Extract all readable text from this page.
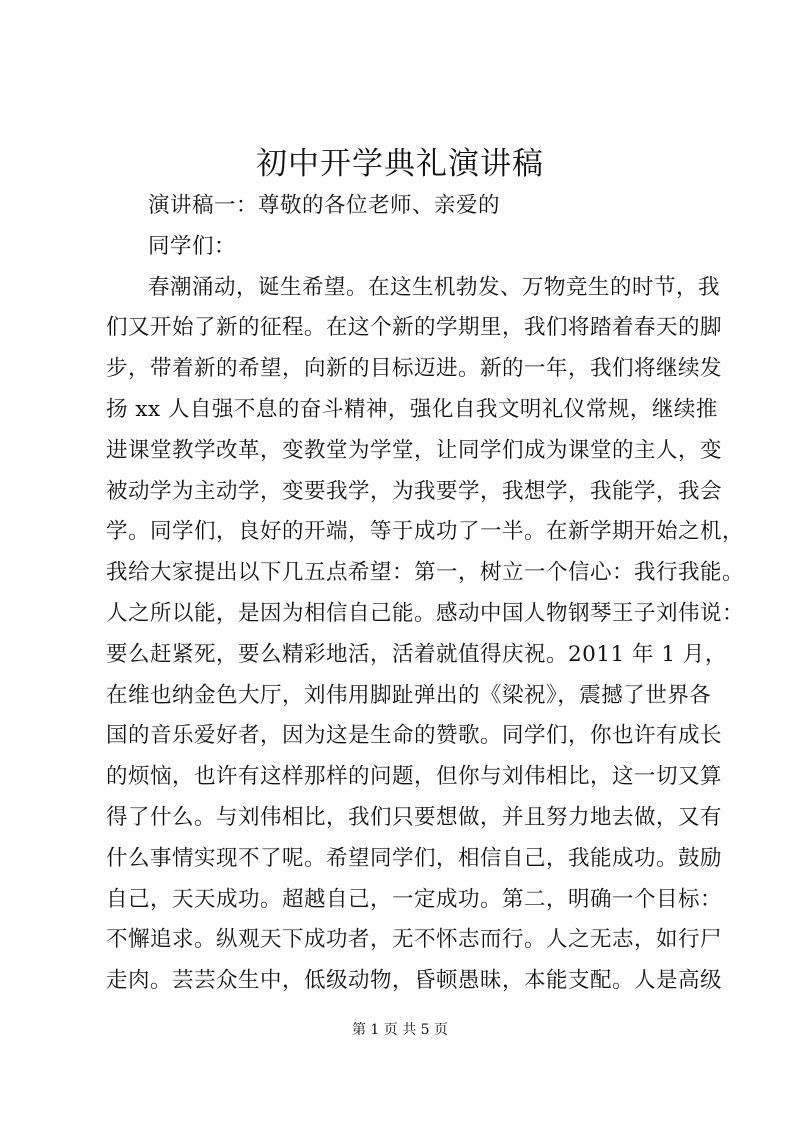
初中开学典礼演讲稿
演讲稿一：尊敬的各位老师、亲爱的
同学们：
春潮涌动，诞生希望。在这生机勃发、万物竞生的时节，我
们又开始了新的征程。在这个新的学期里，我们将踏着春天的脚
步，带着新的希望，向新的目标迈进。新的一年，我们将继续发
扬 xx 人自强不息的奋斗精神，强化自我文明礼仪常规，继续推
进课堂教学改革，变教堂为学堂，让同学们成为课堂的主人，变
被动学为主动学，变要我学，为我要学，我想学，我能学，我会
学。同学们，良好的开端，等于成功了一半。在新学期开始之机，
我给大家提出以下几五点希望：第一，树立一个信心：我行我能。
人之所以能，是因为相信自己能。感动中国人物钢琴王子刘伟说：
要么赶紧死，要么精彩地活，活着就值得庆祝。2011 年 1 月，
在维也纳金色大厅，刘伟用脚趾弹出的《梁祝》，震撼了世界各
国的音乐爱好者，因为这是生命的赞歌。同学们，你也许有成长
的烦恼，也许有这样那样的问题，但你与刘伟相比，这一切又算
得了什么。与刘伟相比，我们只要想做，并且努力地去做，又有
什么事情实现不了呢。希望同学们，相信自己，我能成功。鼓励
自己，天天成功。超越自己，一定成功。第二，明确一个目标：
不懈追求。纵观天下成功者，无不怀志而行。人之无志，如行尸
走肉。芸芸众生中，低级动物，昏顿愚昧，本能支配。人是高级
第 1 页 共 5 页
